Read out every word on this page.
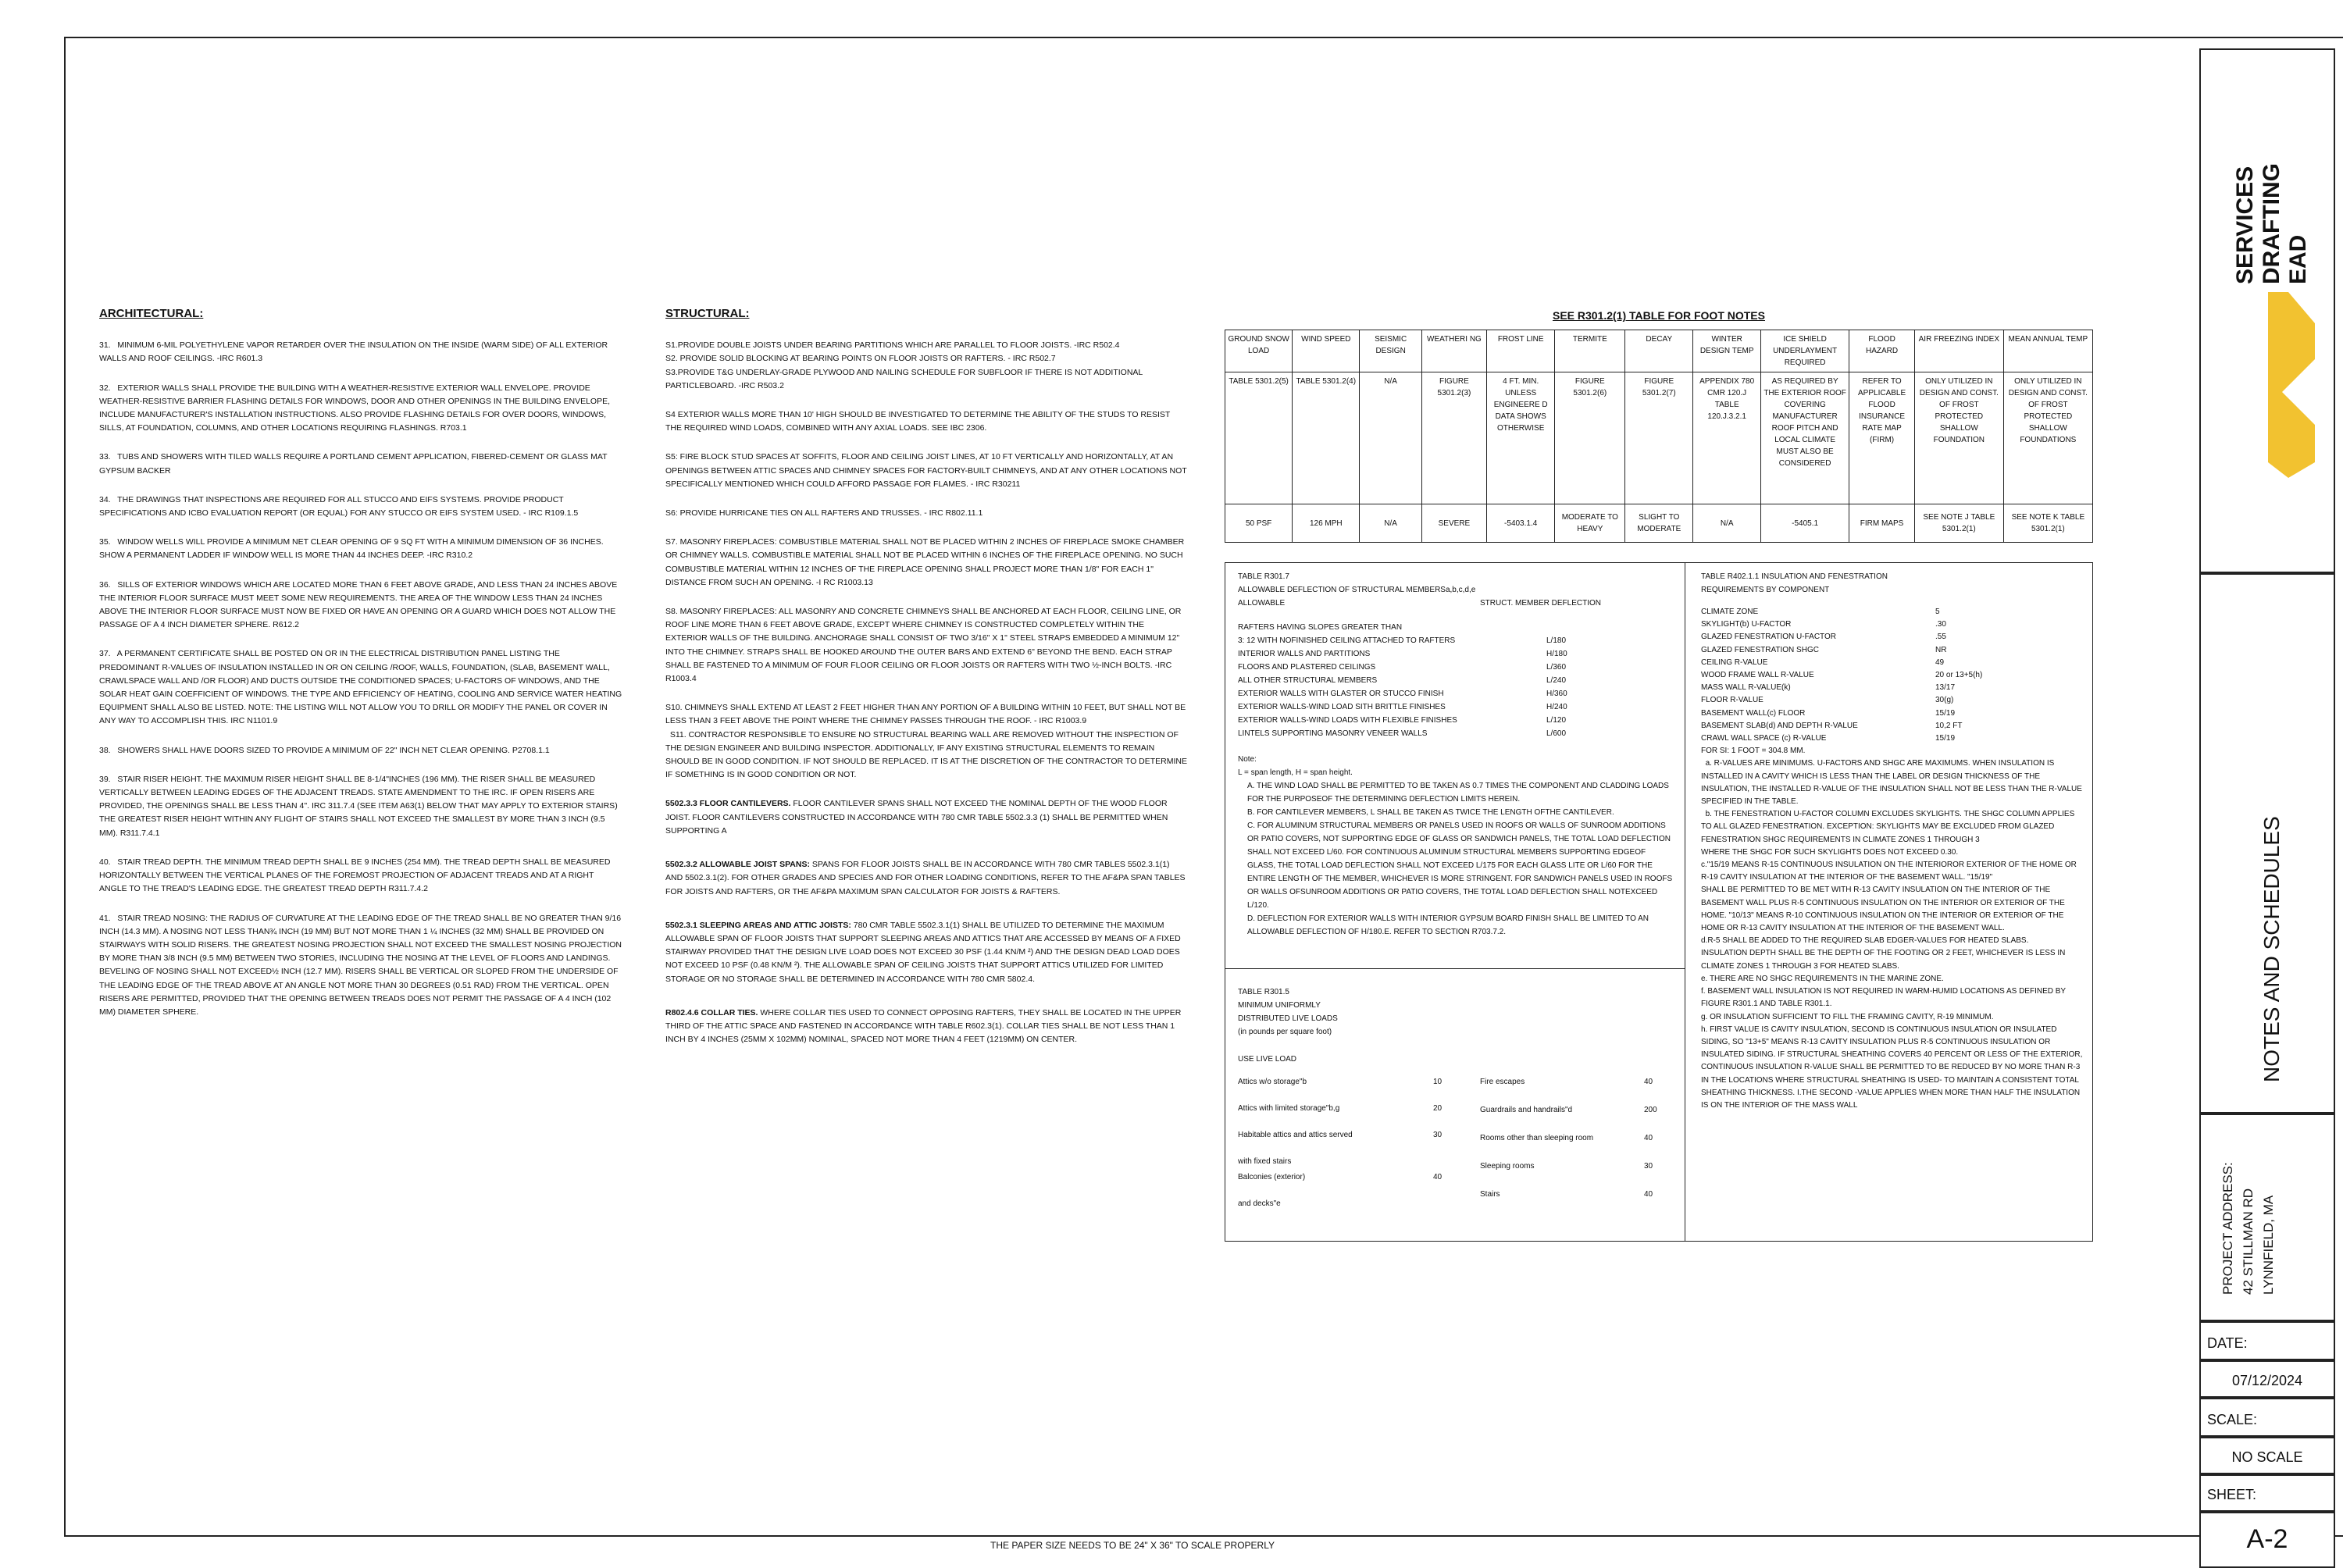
ARCHITECTURAL:

31.   MINIMUM 6-MIL POLYETHYLENE VAPOR RETARDER OVER THE INSULATION ON THE INSIDE (WARM SIDE) OF ALL EXTERIOR WALLS AND ROOF CEILINGS. -IRC R601.3

32.   EXTERIOR WALLS SHALL PROVIDE THE BUILDING WITH A WEATHER-RESISTIVE EXTERIOR WALL ENVELOPE. PROVIDE WEATHER-RESISTIVE BARRIER FLASHING DETAILS FOR WINDOWS, DOOR AND OTHER OPENINGS IN THE BUILDING ENVELOPE, INCLUDE MANUFACTURER'S INSTALLATION INSTRUCTIONS. ALSO PROVIDE FLASHING DETAILS FOR OVER DOORS, WINDOWS, SILLS, AT FOUNDATION, COLUMNS, AND OTHER LOCATIONS REQUIRING FLASHINGS. R703.1

33.   TUBS AND SHOWERS WITH TILED WALLS REQUIRE A PORTLAND CEMENT APPLICATION, FIBERED-CEMENT OR GLASS MAT GYPSUM BACKER

34.   THE DRAWINGS THAT INSPECTIONS ARE REQUIRED FOR ALL STUCCO AND EIFS SYSTEMS. PROVIDE PRODUCT SPECIFICATIONS AND ICBO EVALUATION REPORT (OR EQUAL) FOR ANY STUCCO OR EIFS SYSTEM USED. - IRC R109.1.5

35.   WINDOW WELLS WILL PROVIDE A MINIMUM NET CLEAR OPENING OF 9 SQ FT WITH A MINIMUM DIMENSION OF 36 INCHES. SHOW A PERMANENT LADDER IF WINDOW WELL IS MORE THAN 44 INCHES DEEP. -IRC R310.2

36.   SILLS OF EXTERIOR WINDOWS WHICH ARE LOCATED MORE THAN 6 FEET ABOVE GRADE, AND LESS THAN 24 INCHES ABOVE THE INTERIOR FLOOR SURFACE MUST MEET SOME NEW REQUIREMENTS. THE AREA OF THE WINDOW LESS THAN 24 INCHES ABOVE THE INTERIOR FLOOR SURFACE MUST NOW BE FIXED OR HAVE AN OPENING OR A GUARD WHICH DOES NOT ALLOW THE PASSAGE OF A 4 INCH DIAMETER SPHERE. R612.2

37.   A PERMANENT CERTIFICATE SHALL BE POSTED ON OR IN THE ELECTRICAL DISTRIBUTION PANEL LISTING THE PREDOMINANT R-VALUES OF INSULATION INSTALLED IN OR ON CEILING /ROOF, WALLS, FOUNDATION, (SLAB, BASEMENT WALL, CRAWLSPACE WALL AND /OR FLOOR) AND DUCTS OUTSIDE THE CONDITIONED SPACES; U-FACTORS OF WINDOWS, AND THE SOLAR HEAT GAIN COEFFICIENT OF WINDOWS. THE TYPE AND EFFICIENCY OF HEATING, COOLING AND SERVICE WATER HEATING EQUIPMENT SHALL ALSO BE LISTED. NOTE: THE LISTING WILL NOT ALLOW YOU TO DRILL OR MODIFY THE PANEL OR COVER IN ANY WAY TO ACCOMPLISH THIS. IRC N1101.9

38.   SHOWERS SHALL HAVE DOORS SIZED TO PROVIDE A MINIMUM OF 22" INCH NET CLEAR OPENING. P2708.1.1

39.   STAIR RISER HEIGHT. THE MAXIMUM RISER HEIGHT SHALL BE 8-1/4"INCHES (196 MM). THE RISER SHALL BE MEASURED VERTICALLY BETWEEN LEADING EDGES OF THE ADJACENT TREADS. STATE AMENDMENT TO THE IRC. IF OPEN RISERS ARE PROVIDED, THE OPENINGS SHALL BE LESS THAN 4". IRC 311.7.4 (SEE ITEM A63(1) BELOW THAT MAY APPLY TO EXTERIOR STAIRS) THE GREATEST RISER HEIGHT WITHIN ANY FLIGHT OF STAIRS SHALL NOT EXCEED THE SMALLEST BY MORE THAN 3 INCH (9.5 MM). R311.7.4.1

40.   STAIR TREAD DEPTH. THE MINIMUM TREAD DEPTH SHALL BE 9 INCHES (254 MM). THE TREAD DEPTH SHALL BE MEASURED HORIZONTALLY BETWEEN THE VERTICAL PLANES OF THE FOREMOST PROJECTION OF ADJACENT TREADS AND AT A RIGHT ANGLE TO THE TREAD'S LEADING EDGE. THE GREATEST TREAD DEPTH R311.7.4.2

41.   STAIR TREAD NOSING: THE RADIUS OF CURVATURE AT THE LEADING EDGE OF THE TREAD SHALL BE NO GREATER THAN 9/16 INCH (14.3 MM). A NOSING NOT LESS THAN¾ INCH (19 MM) BUT NOT MORE THAN 1 ¼ INCHES (32 MM) SHALL BE PROVIDED ON STAIRWAYS WITH SOLID RISERS. THE GREATEST NOSING PROJECTION SHALL NOT EXCEED THE SMALLEST NOSING PROJECTION BY MORE THAN 3/8 INCH (9.5 MM) BETWEEN TWO STORIES, INCLUDING THE NOSING AT THE LEVEL OF FLOORS AND LANDINGS. BEVELING OF NOSING SHALL NOT EXCEED½ INCH (12.7 MM). RISERS SHALL BE VERTICAL OR SLOPED FROM THE UNDERSIDE OF THE LEADING EDGE OF THE TREAD ABOVE AT AN ANGLE NOT MORE THAN 30 DEGREES (0.51 RAD) FROM THE VERTICAL. OPEN RISERS ARE PERMITTED, PROVIDED THAT THE OPENING BETWEEN TREADS DOES NOT PERMIT THE PASSAGE OF A 4 INCH (102 MM) DIAMETER SPHERE.

STRUCTURAL:

S1.PROVIDE DOUBLE JOISTS UNDER BEARING PARTITIONS WHICH ARE PARALLEL TO FLOOR JOISTS. -IRC R502.4
S2. PROVIDE SOLID BLOCKING AT BEARING POINTS ON FLOOR JOISTS OR RAFTERS. - IRC R502.7
S3.PROVIDE T&G UNDERLAY-GRADE PLYWOOD AND NAILING SCHEDULE FOR SUBFLOOR IF THERE IS NOT ADDITIONAL PARTICLEBOARD. -IRC R503.2

S4 EXTERIOR WALLS MORE THAN 10' HIGH SHOULD BE INVESTIGATED TO DETERMINE THE ABILITY OF THE STUDS TO RESIST THE REQUIRED WIND LOADS, COMBINED WITH ANY AXIAL LOADS. SEE IBC 2306.

S5: FIRE BLOCK STUD SPACES AT SOFFITS, FLOOR AND CEILING JOIST LINES, AT 10 FT VERTICALLY AND HORIZONTALLY, AT AN OPENINGS BETWEEN ATTIC SPACES AND CHIMNEY SPACES FOR FACTORY-BUILT CHIMNEYS, AND AT ANY OTHER LOCATIONS NOT SPECIFICALLY MENTIONED WHICH COULD AFFORD PASSAGE FOR FLAMES. - IRC R30211

S6: PROVIDE HURRICANE TIES ON ALL RAFTERS AND TRUSSES. - IRC R802.11.1

S7. MASONRY FIREPLACES: COMBUSTIBLE MATERIAL SHALL NOT BE PLACED WITHIN 2 INCHES OF FIREPLACE SMOKE CHAMBER OR CHIMNEY WALLS. COMBUSTIBLE MATERIAL SHALL NOT BE PLACED WITHIN 6 INCHES OF THE FIREPLACE OPENING. NO SUCH COMBUSTIBLE MATERIAL WITHIN 12 INCHES OF THE FIREPLACE OPENING SHALL PROJECT MORE THAN 1/8" FOR EACH 1" DISTANCE FROM SUCH AN OPENING. -I RC R1003.13

S8. MASONRY FIREPLACES: ALL MASONRY AND CONCRETE CHIMNEYS SHALL BE ANCHORED AT EACH FLOOR, CEILING LINE, OR ROOF LINE MORE THAN 6 FEET ABOVE GRADE, EXCEPT WHERE CHIMNEY IS CONSTRUCTED COMPLETELY WITHIN THE EXTERIOR WALLS OF THE BUILDING. ANCHORAGE SHALL CONSIST OF TWO 3/16" X 1" STEEL STRAPS EMBEDDED A MINIMUM 12" INTO THE CHIMNEY. STRAPS SHALL BE HOOKED AROUND THE OUTER BARS AND EXTEND 6" BEYOND THE BEND. EACH STRAP SHALL BE FASTENED TO A MINIMUM OF FOUR FLOOR CEILING OR FLOOR JOISTS OR RAFTERS WITH TWO ½-INCH BOLTS. -IRC R1003.4

S10. CHIMNEYS SHALL EXTEND AT LEAST 2 FEET HIGHER THAN ANY PORTION OF A BUILDING WITHIN 10 FEET, BUT SHALL NOT BE LESS THAN 3 FEET ABOVE THE POINT WHERE THE CHIMNEY PASSES THROUGH THE ROOF. - IRC R1003.9
S11. CONTRACTOR RESPONSIBLE TO ENSURE NO STRUCTURAL BEARING WALL ARE REMOVED WITHOUT THE INSPECTION OF THE DESIGN ENGINEER AND BUILDING INSPECTOR. ADDITIONALLY, IF ANY EXISTING STRUCTURAL ELEMENTS TO REMAIN SHOULD BE IN GOOD CONDITION. IF NOT SHOULD BE REPLACED. IT IS AT THE DISCRETION OF THE CONTRACTOR TO DETERMINE IF SOMETHING IS IN GOOD CONDITION OR NOT.

5502.3.3 FLOOR CANTILEVERS. FLOOR CANTILEVER SPANS SHALL NOT EXCEED THE NOMINAL DEPTH OF THE WOOD FLOOR JOIST. FLOOR CANTILEVERS CONSTRUCTED IN ACCORDANCE WITH 780 CMR TABLE 5502.3.3 (1) SHALL BE PERMITTED WHEN SUPPORTING A

5502.3.2 ALLOWABLE JOIST SPANS: SPANS FOR FLOOR JOISTS SHALL BE IN ACCORDANCE WITH 780 CMR TABLES 5502.3.1(1) AND 5502.3.1(2). FOR OTHER GRADES AND SPECIES AND FOR OTHER LOADING CONDITIONS, REFER TO THE AF&PA SPAN TABLES FOR JOISTS AND RAFTERS, OR THE AF&PA MAXIMUM SPAN CALCULATOR FOR JOISTS & RAFTERS.

5502.3.1 SLEEPING AREAS AND ATTIC JOISTS: 780 CMR TABLE 5502.3.1(1) SHALL BE UTILIZED TO DETERMINE THE MAXIMUM ALLOWABLE SPAN OF FLOOR JOISTS THAT SUPPORT SLEEPING AREAS AND ATTICS THAT ARE ACCESSED BY MEANS OF A FIXED STAIRWAY PROVIDED THAT THE DESIGN LIVE LOAD DOES NOT EXCEED 30 PSF (1.44 KN/M ²) AND THE DESIGN DEAD LOAD DOES NOT EXCEED 10 PSF (0.48 KN/M ²). THE ALLOWABLE SPAN OF CEILING JOISTS THAT SUPPORT ATTICS UTILIZED FOR LIMITED STORAGE OR NO STORAGE SHALL BE DETERMINED IN ACCORDANCE WITH 780 CMR 5802.4.

R802.4.6 COLLAR TIES. WHERE COLLAR TIES USED TO CONNECT OPPOSING RAFTERS, THEY SHALL BE LOCATED IN THE UPPER THIRD OF THE ATTIC SPACE AND FASTENED IN ACCORDANCE WITH TABLE R602.3(1). COLLAR TIES SHALL BE NOT LESS THAN 1 INCH BY 4 INCHES (25MM X 102MM) NOMINAL, SPACED NOT MORE THAN 4 FEET (1219MM) ON CENTER.

SEE R301.2(1) TABLE FOR FOOT NOTES
GROUND SNOW LOAD	WIND SPEED	SEISMIC DESIGN	WEATHERI NG	FROST LINE	TERMITE	DECAY	WINTER DESIGN TEMP	ICE SHIELD UNDERLAYMENT REQUIRED	FLOOD HAZARD	AIR FREEZING INDEX	MEAN ANNUAL TEMP
TABLE 5301.2(5)	TABLE 5301.2(4)	N/A	FIGURE 5301.2(3)	4 FT. MIN. UNLESS ENGINEERE D DATA SHOWS OTHERWISE	FIGURE 5301.2(6)	FIGURE 5301.2(7)	APPENDIX 780 CMR 120.J TABLE 120.J.3.2.1	AS REQUIRED BY THE EXTERIOR ROOF COVERING MANUFACTURER ROOF PITCH AND LOCAL CLIMATE MUST ALSO BE CONSIDERED	REFER TO APPLICABLE FLOOD INSURANCE RATE MAP (FIRM)	ONLY UTILIZED IN DESIGN AND CONST. OF FROST PROTECTED SHALLOW FOUNDATION	ONLY UTILIZED IN DESIGN AND CONST. OF FROST PROTECTED SHALLOW FOUNDATIONS
50 PSF	126 MPH	N/A	SEVERE	-5403.1.4	MODERATE TO HEAVY	SLIGHT TO MODERATE	N/A	-5405.1	FIRM MAPS	SEE NOTE J TABLE 5301.2(1)	SEE NOTE K TABLE 5301.2(1)
TABLE R301.7
ALLOWABLE DEFLECTION OF STRUCTURAL MEMBERSa,b,c,d,e
ALLOWABLE	STRUCT. MEMBER DEFLECTION
RAFTERS HAVING SLOPES GREATER THAN
3: 12 WITH NOFINISHED CEILING ATTACHED TO RAFTERS	L/180
INTERIOR WALLS AND PARTITIONS	H/180
FLOORS AND PLASTERED CEILINGS	L/360
ALL OTHER STRUCTURAL MEMBERS	L/240
EXTERIOR WALLS WITH GLASTER OR STUCCO FINISH	H/360
EXTERIOR WALLS-WIND LOAD SITH BRITTLE FINISHES	H/240
EXTERIOR WALLS-WIND LOADS WITH FLEXIBLE FINISHES	L/120
LINTELS SUPPORTING MASONRY VENEER WALLS	L/600
Note:
L = span length, H = span height.
A. THE WIND LOAD SHALL BE PERMITTED TO BE TAKEN AS 0.7 TIMES THE COMPONENT AND CLADDING LOADS FOR THE PURPOSEOF THE DETERMINING DEFLECTION LIMITS HEREIN.
B. FOR CANTILEVER MEMBERS, L SHALL BE TAKEN AS TWICE THE LENGTH OFTHE CANTILEVER.
C. FOR ALUMINUM STRUCTURAL MEMBERS OR PANELS USED IN ROOFS OR WALLS OF SUNROOM ADDITIONS OR PATIO COVERS, NOT SUPPORTING EDGE OF GLASS OR SANDWICH PANELS, THE TOTAL LOAD DEFLECTION SHALL NOT EXCEED L/60. FOR CONTINUOUS ALUMINUM STRUCTURAL MEMBERS SUPPORTING EDGEOF GLASS, THE TOTAL LOAD DEFLECTION SHALL NOT EXCEED L/175 FOR EACH GLASS LITE OR L/60 FOR THE ENTIRE LENGTH OF THE MEMBER, WHICHEVER IS MORE STRINGENT. FOR SANDWICH PANELS USED IN ROOFS OR WALLS OFSUNROOM ADDITIONS OR PATIO COVERS, THE TOTAL LOAD DEFLECTION SHALL NOTEXCEED L/120.
D. DEFLECTION FOR EXTERIOR WALLS WITH INTERIOR GYPSUM BOARD FINISH SHALL BE LIMITED TO AN ALLOWABLE DEFLECTION OF H/180.E. REFER TO SECTION R703.7.2.
TABLE R301.5
MINIMUM UNIFORMLY
DISTRIBUTED LIVE LOADS
(in pounds per square foot)
USE LIVE LOAD
Attics w/o storage"b	10
Attics with limited storage"b,g	20
Habitable attics and attics served	30
with fixed stairs
Balconies (exterior)	40
and decks"e
Fire escapes	40
Guardrails and handrails"d	200
Rooms other than sleeping room	40
Sleeping rooms	30
Stairs	40
TABLE R402.1.1 INSULATION AND FENESTRATION
REQUIREMENTS BY COMPONENT
CLIMATE ZONE	5
SKYLIGHT(b) U-FACTOR	.30
GLAZED FENESTRATION U-FACTOR	.55
GLAZED FENESTRATION SHGC	NR
CEILING R-VALUE	49
WOOD FRAME WALL R-VALUE	20 or 13+5(h)
MASS WALL R-VALUE(k)	13/17
FLOOR R-VALUE	30(g)
BASEMENT WALL(c) FLOOR	15/19
BASEMENT SLAB(d) AND DEPTH R-VALUE	10,2 FT
CRAWL WALL SPACE (c) R-VALUE	15/19
FOR SI: 1 FOOT = 304.8 MM.
a. R-VALUES ARE MINIMUMS. U-FACTORS AND SHGC ARE MAXIMUMS. WHEN INSULATION IS INSTALLED IN A CAVITY WHICH IS LESS THAN THE LABEL OR DESIGN THICKNESS OF THE INSULATION, THE INSTALLED R-VALUE OF THE INSULATION SHALL NOT BE LESS THAN THE R-VALUE SPECIFIED IN THE TABLE.
b. THE FENESTRATION U-FACTOR COLUMN EXCLUDES SKYLIGHTS. THE SHGC COLUMN APPLIES TO ALL GLAZED FENESTRATION. EXCEPTION: SKYLIGHTS MAY BE EXCLUDED FROM GLAZED FENESTRATION SHGC REQUIREMENTS IN CLIMATE ZONES 1 THROUGH 3
WHERE THE SHGC FOR SUCH SKYLIGHTS DOES NOT EXCEED 0.30.
c."15/19 MEANS R-15 CONTINUOUS INSULATION ON THE INTERIOROR EXTERIOR OF THE HOME OR R-19 CAVITY INSULATION AT THE INTERIOR OF THE BASEMENT WALL. "15/19"
SHALL BE PERMITTED TO BE MET WITH R-13 CAVITY INSULATION ON THE INTERIOR OF THE BASEMENT WALL PLUS R-5 CONTINUOUS INSULATION ON THE INTERIOR OR EXTERIOR OF THE HOME. "10/13" MEANS R-10 CONTINUOUS INSULATION ON THE INTERIOR OR EXTERIOR OF THE HOME OR R-13 CAVITY INSULATION AT THE INTERIOR OF THE BASEMENT WALL.
d.R-5 SHALL BE ADDED TO THE REQUIRED SLAB EDGER-VALUES FOR HEATED SLABS.
INSULATION DEPTH SHALL BE THE DEPTH OF THE FOOTING OR 2 FEET, WHICHEVER IS LESS IN CLIMATE ZONES 1 THROUGH 3 FOR HEATED SLABS.
e. THERE ARE NO SHGC REQUIREMENTS IN THE MARINE ZONE.
f. BASEMENT WALL INSULATION IS NOT REQUIRED IN WARM-HUMID LOCATIONS AS DEFINED BY FIGURE R301.1 AND TABLE R301.1.
g. OR INSULATION SUFFICIENT TO FILL THE FRAMING CAVITY, R-19 MINIMUM.
h. FIRST VALUE IS CAVITY INSULATION, SECOND IS CONTINUOUS INSULATION OR INSULATED
SIDING, SO "13+5" MEANS R-13 CAVITY INSULATION PLUS R-5 CONTINUOUS INSULATION OR INSULATED SIDING. IF STRUCTURAL SHEATHING COVERS 40 PERCENT OR LESS OF THE EXTERIOR, CONTINUOUS INSULATION R-VALUE SHALL BE PERMITTED TO BE REDUCED BY NO MORE THAN R-3 IN THE LOCATIONS WHERE STRUCTURAL SHEATHING IS USED- TO MAINTAIN A CONSISTENT TOTAL SHEATHING THICKNESS. I.THE SECOND -VALUE APPLIES WHEN MORE THAN HALF THE INSULATION IS ON THE INTERIOR OF THE MASS WALL
THE PAPER SIZE NEEDS TO BE 24" X 36" TO SCALE PROPERLY
EAD
DRAFTING
SERVICES
NOTES AND SCHEDULES
PROJECT ADDRESS: 42 STILLMAN RD LYNNFIELD, MA
DATE:
07/12/2024
SCALE:
NO SCALE
SHEET:
A-2
